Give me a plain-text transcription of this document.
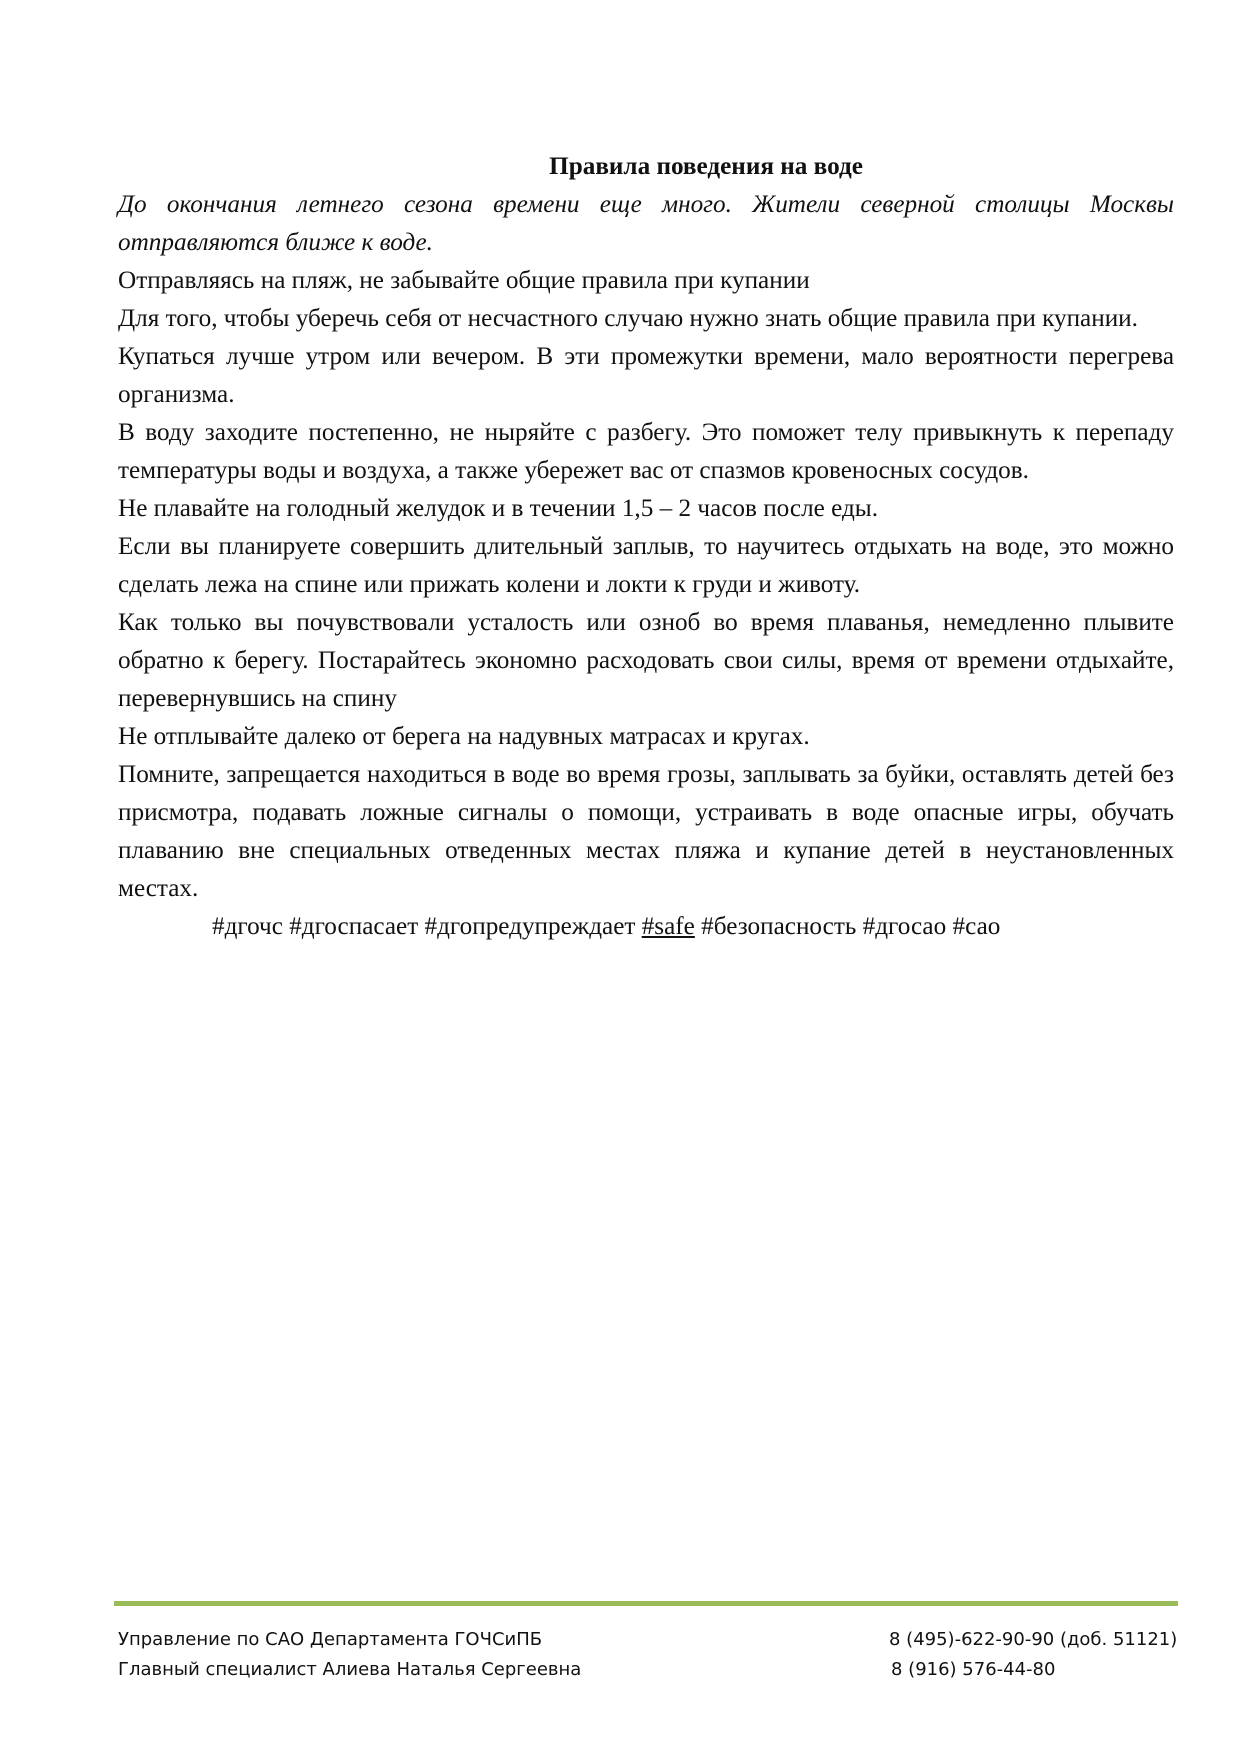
Правила поведения на воде

До окончания летнего сезона времени еще много. Жители северной столицы Москвы отправляются ближе к воде.

Отправляясь на пляж, не забывайте общие правила при купании

Для того, чтобы уберечь себя от несчастного случаю нужно знать общие правила при купании.

Купаться лучше утром или вечером. В эти промежутки времени, мало вероятности перегрева организма.

В воду заходите постепенно, не ныряйте с разбегу. Это поможет телу привыкнуть к перепаду температуры воды и воздуха, а также убережет вас от спазмов кровеносных сосудов.

Не плавайте на голодный желудок и в течении 1,5 – 2 часов после еды.

Если вы планируете совершить длительный заплыв, то научитесь отдыхать на воде, это можно сделать лежа на спине или прижать колени и локти к груди и животу.

Как только вы почувствовали усталость или озноб во время плаванья, немедленно плывите обратно к берегу. Постарайтесь экономно расходовать свои силы, время от времени отдыхайте, перевернувшись на спину

Не отплывайте далеко от берега на надувных матрасах и кругах.

Помните, запрещается находиться в воде во время грозы, заплывать за буйки, оставлять детей без присмотра, подавать ложные сигналы о помощи, устраивать в воде опасные игры, обучать плаванию вне специальных отведенных местах пляжа и купание детей в неустановленных местах.

#дгочс #дгоспасает #дгопредупреждает #safe #безопасность #дгосао #сао

Управление по САО Департамента ГОЧСиПБ	8 (495)-622-90-90 (доб. 51121)
Главный специалист Алиева Наталья Сергеевна	8 (916) 576-44-80
